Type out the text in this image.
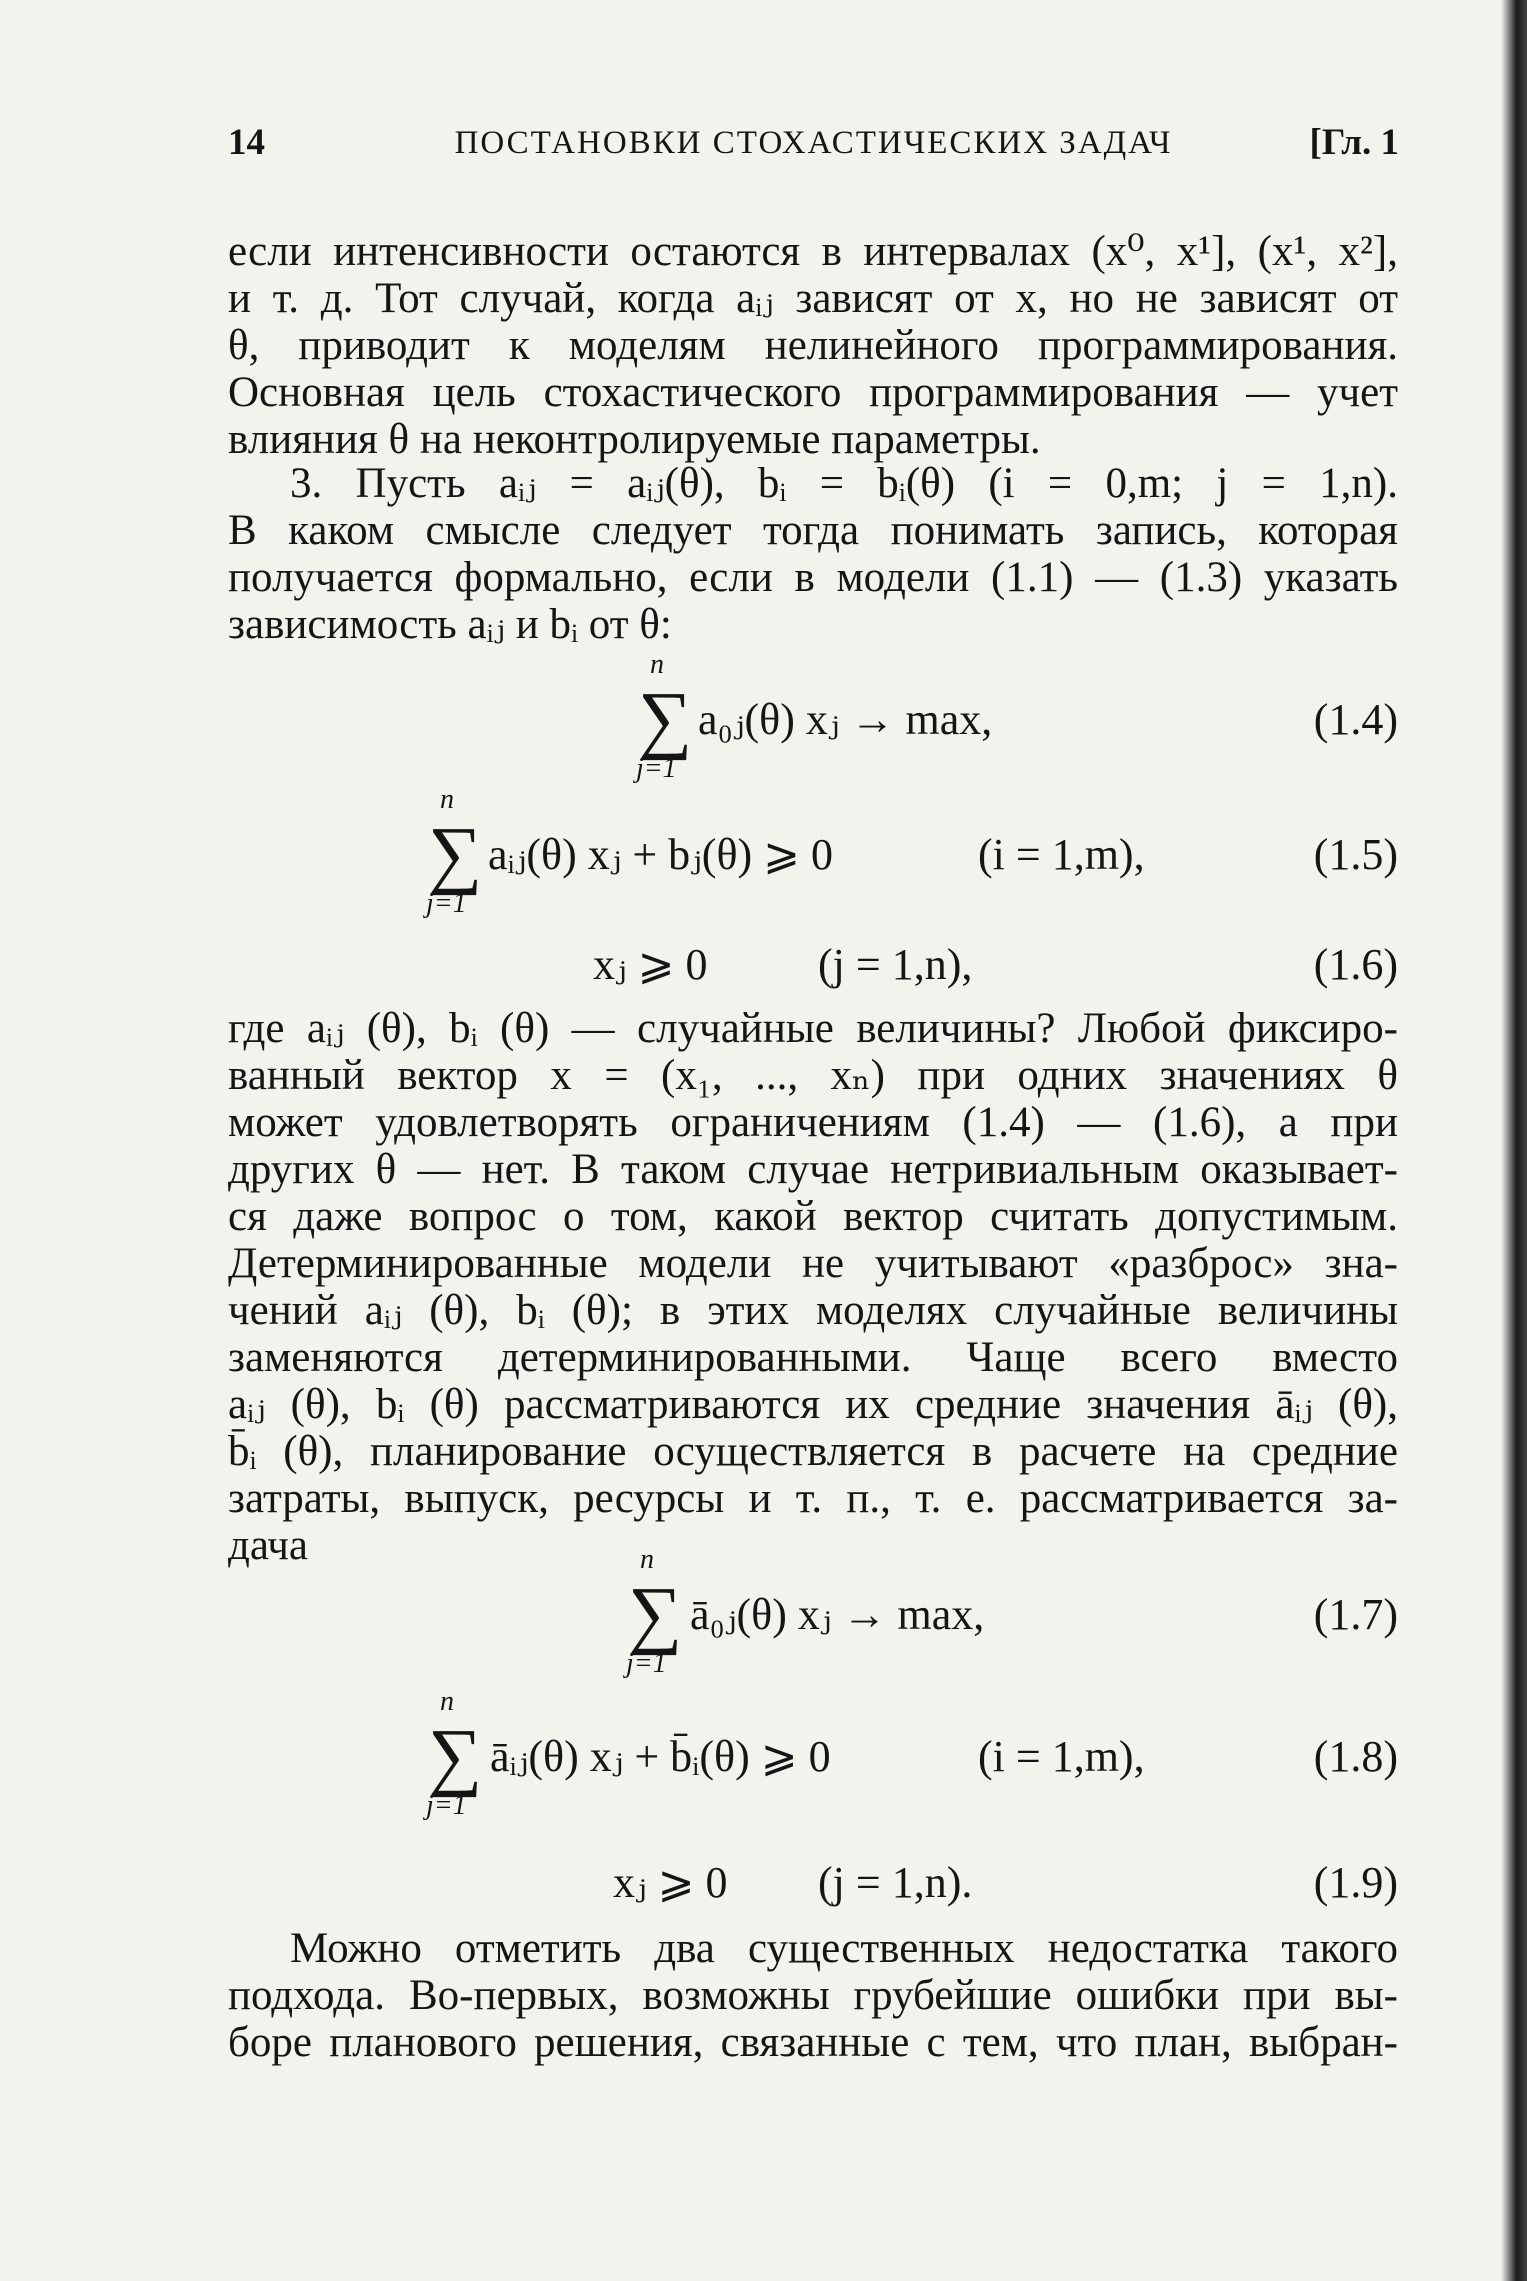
14	ПОСТАНОВКИ СТОХАСТИЧЕСКИХ ЗАДАЧ	[Гл. 1
если интенсивности остаются в интервалах (x⁰, x¹], (x¹, x²],
и т. д. Тот случай, когда aᵢⱼ зависят от x, но не зависят от
θ, приводит к моделям нелинейного программирования.
Основная цель стохастического программирования — учет
влияния θ на неконтролируемые параметры.
3. Пусть aᵢⱼ = aᵢⱼ(θ), bᵢ = bᵢ(θ) (i = 0,m; j = 1,n).
В каком смысле следует тогда понимать запись, которая
получается формально, если в модели (1.1) — (1.3) указать
зависимость aᵢⱼ и bᵢ от θ:
n
∑
j=1
a₀ⱼ(θ) xⱼ → max,	(1.4)
n
∑
j=1
aᵢⱼ(θ) xⱼ + bⱼ(θ) ⩾ 0	(i = 1,m),	(1.5)
xⱼ ⩾ 0	(j = 1,n),	(1.6)
где aᵢⱼ (θ), bᵢ (θ) — случайные величины? Любой фиксиро-
ванный вектор x = (x₁, ..., xₙ) при одних значениях θ
может удовлетворять ограничениям (1.4) — (1.6), а при
других θ — нет. В таком случае нетривиальным оказывает-
ся даже вопрос о том, какой вектор считать допустимым.
Детерминированные модели не учитывают «разброс» зна-
чений aᵢⱼ (θ), bᵢ (θ); в этих моделях случайные величины
заменяются детерминированными. Чаще всего вместо
aᵢⱼ (θ), bᵢ (θ) рассматриваются их средние значения āᵢⱼ (θ),
b̄ᵢ (θ), планирование осуществляется в расчете на средние
затраты, выпуск, ресурсы и т. п., т. е. рассматривается за-
дача	n
∑
j=1
ā₀ⱼ(θ) xⱼ → max,	(1.7)
n
∑
j=1
āᵢⱼ(θ) xⱼ + b̄ᵢ(θ) ⩾ 0	(i = 1,m),	(1.8)
xⱼ ⩾ 0 (j = 1,n).	(1.9)
Можно отметить два существенных недостатка такого
подхода. Во-первых, возможны грубейшие ошибки при вы-
боре планового решения, связанные с тем, что план, выбран-
